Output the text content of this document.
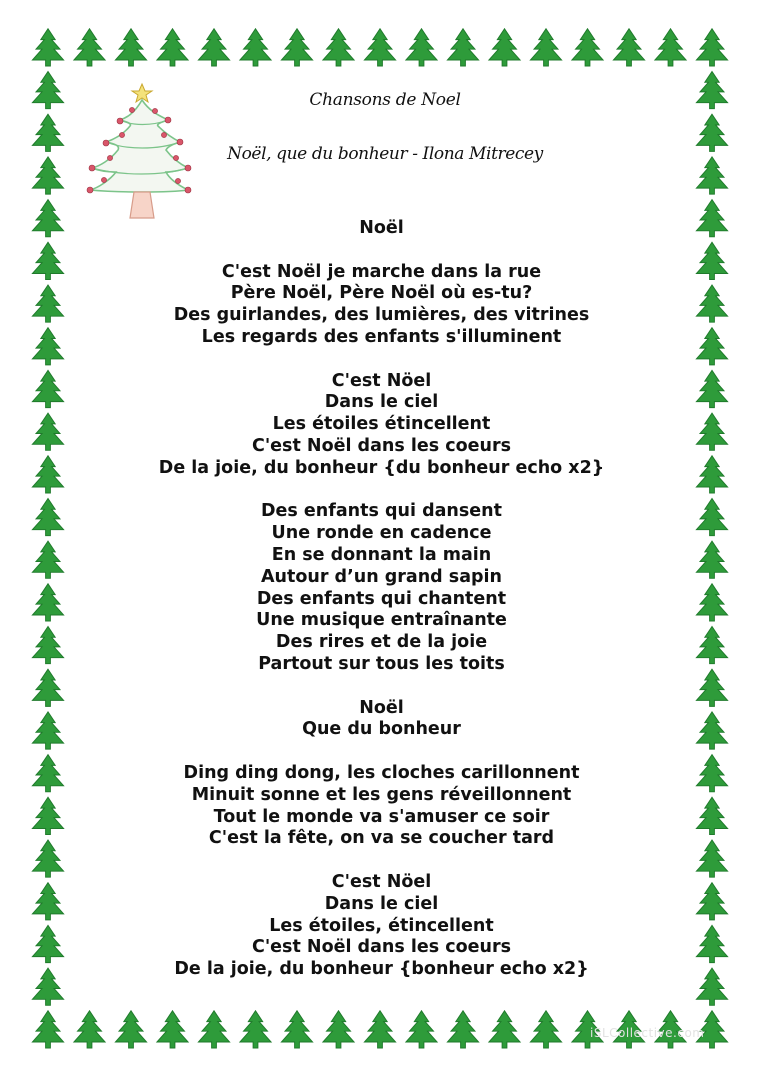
Chansons de Noel
Noël, que du bonheur - Ilona Mitrecey
Noël
C'est Noël je marche dans la rue
Père Noël, Père Noël où es-tu?
Des guirlandes, des lumières, des vitrines
Les regards des enfants s'illuminent
C'est Nöel
Dans le ciel
Les étoiles étincellent
C'est Noël dans les coeurs
De la joie, du bonheur {du bonheur echo x2}
Des enfants qui dansent
Une ronde en cadence
En se donnant la main
Autour d’un grand sapin
Des enfants qui chantent
Une musique entraînante
Des rires et de la joie
Partout sur tous les toits
Noël
Que du bonheur
Ding ding dong, les cloches carillonnent
Minuit sonne et les gens réveillonnent
Tout le monde va s'amuser ce soir
C'est la fête, on va se coucher tard
C'est Nöel
Dans le ciel
Les étoiles, étincellent
C'est Noël dans les coeurs
De la joie, du bonheur {bonheur echo x2}
iSLCollective.com
